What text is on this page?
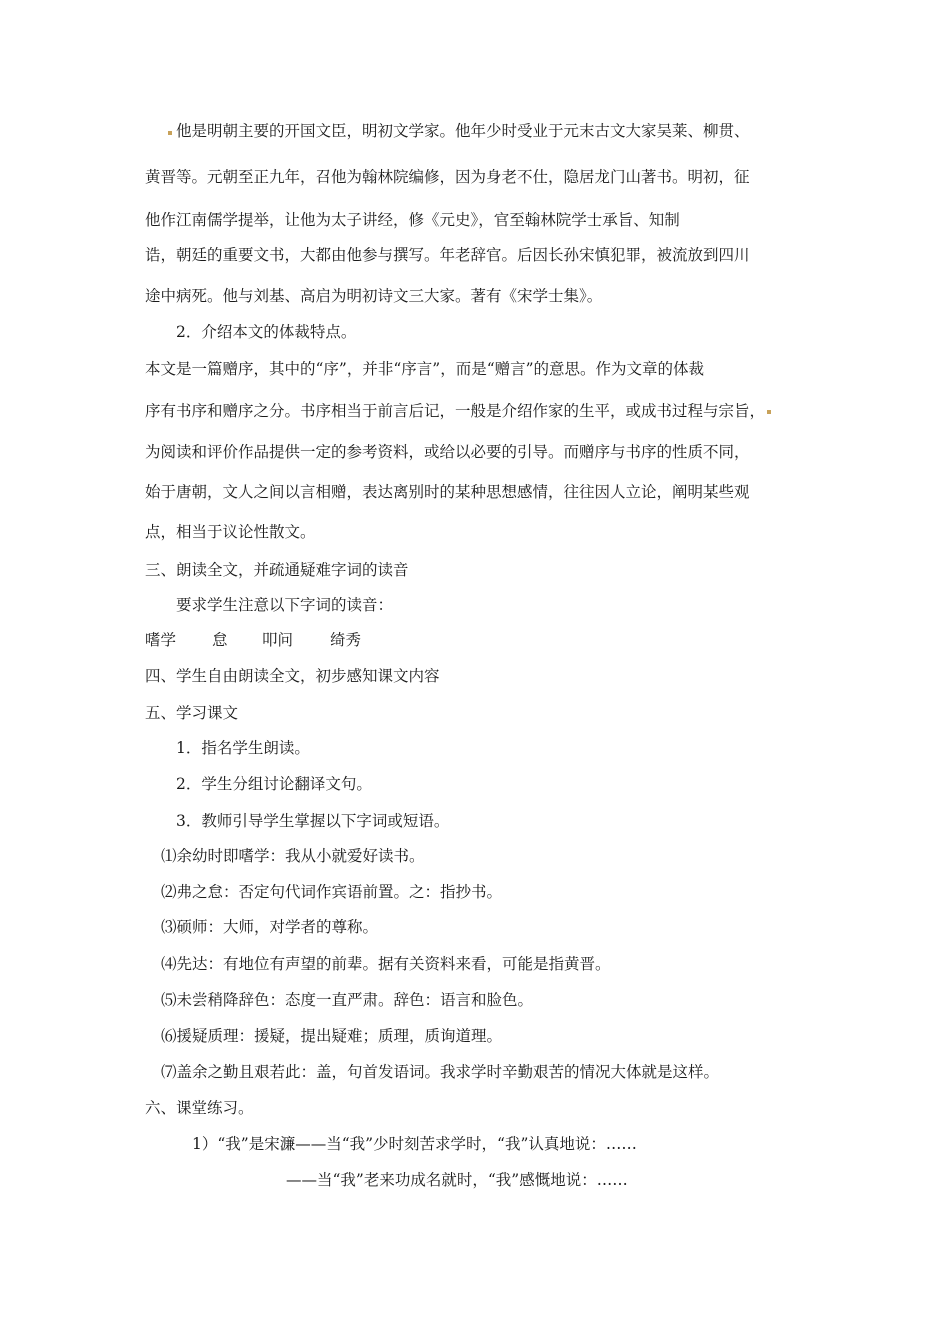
他是明朝主要的开国文臣，明初文学家。他年少时受业于元末古文大家吴莱、柳贯、
黄晋等。元朝至正九年，召他为翰林院编修，因为身老不仕，隐居龙门山著书。明初，征
他作江南儒学提举，让他为太子讲经，修《元史》，官至翰林院学士承旨、知制
诰，朝廷的重要文书，大都由他参与撰写。年老辞官。后因长孙宋慎犯罪，被流放到四川
途中病死。他与刘基、高启为明初诗文三大家。著有《宋学士集》。
2．介绍本文的体裁特点。
本文是一篇赠序，其中的“序”，并非“序言”，而是“赠言”的意思。作为文章的体裁
序有书序和赠序之分。书序相当于前言后记，一般是介绍作家的生平，或成书过程与宗旨，
为阅读和评价作品提供一定的参考资料，或给以必要的引导。而赠序与书序的性质不同，
始于唐朝，文人之间以言相赠，表达离别时的某种思想感情，往往因人立论，阐明某些观
点，相当于议论性散文。
三、朗读全文，并疏通疑难字词的读音
要求学生注意以下字词的读音：
嗜学 怠 叩问 绮秀
四、学生自由朗读全文，初步感知课文内容
五、学习课文
1．指名学生朗读。
2．学生分组讨论翻译文句。
3．教师引导学生掌握以下字词或短语。
⑴余幼时即嗜学：我从小就爱好读书。
⑵弗之怠：否定句代词作宾语前置。之：指抄书。
⑶硕师：大师，对学者的尊称。
⑷先达：有地位有声望的前辈。据有关资料来看，可能是指黄晋。
⑸未尝稍降辞色：态度一直严肃。辞色：语言和脸色。
⑹援疑质理：援疑，提出疑难；质理，质询道理。
⑺盖余之勤且艰若此：盖，句首发语词。我求学时辛勤艰苦的情况大体就是这样。
六、课堂练习。
1）“我”是宋濂——当“我”少时刻苦求学时，“我”认真地说：……
——当“我”老来功成名就时，“我”感慨地说：……
